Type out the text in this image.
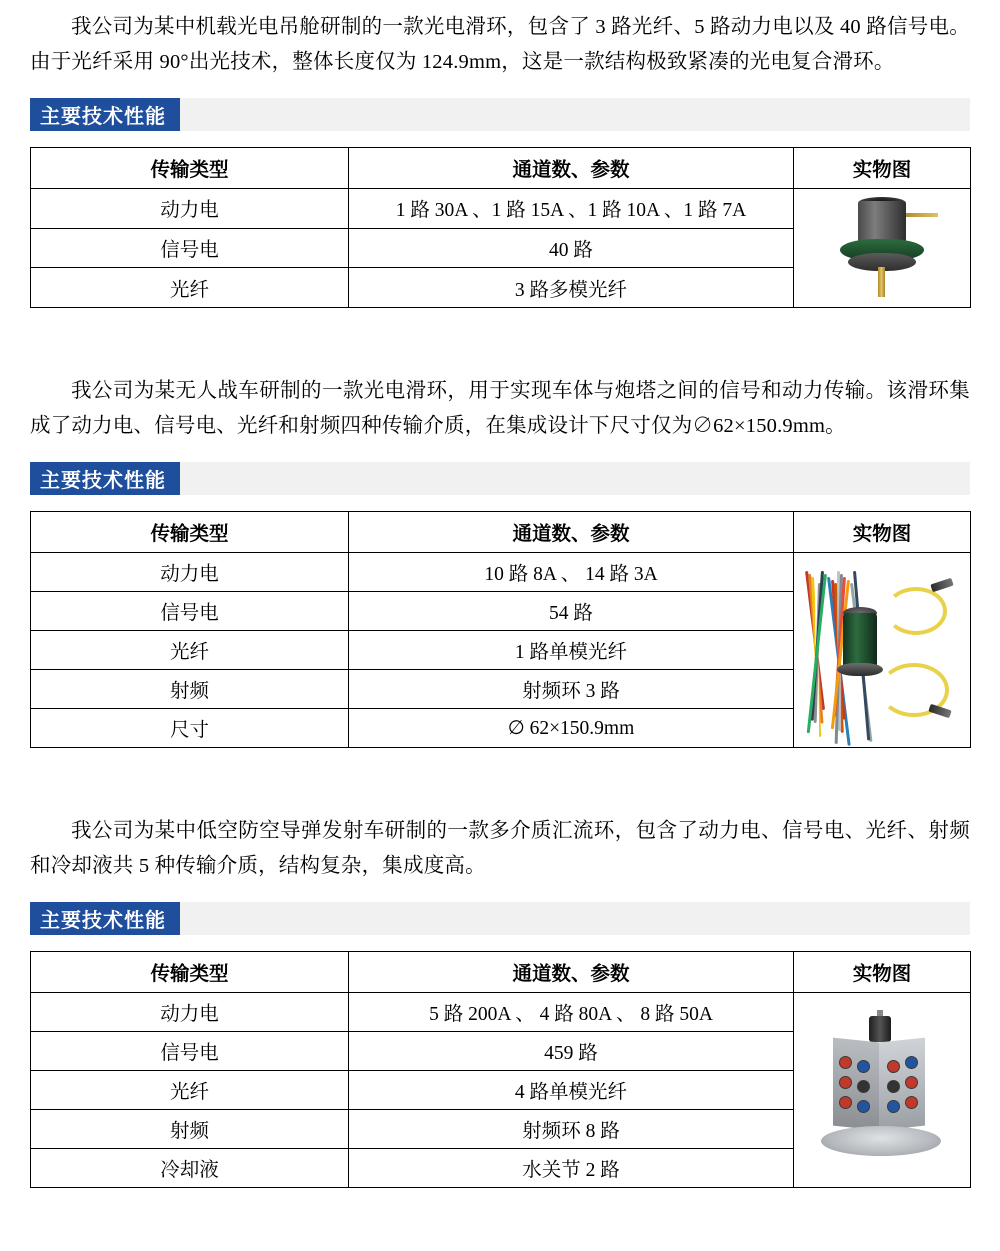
我公司为某中机载光电吊舱研制的一款光电滑环，包含了 3 路光纤、5 路动力电以及 40 路信号电。由于光纤采用 90°出光技术，整体长度仅为 124.9mm，这是一款结构极致紧凑的光电复合滑环。

主要技术性能
传输类型	通道数、参数	实物图
动力电	1 路 30A 、1 路 15A 、1 路 10A 、1 路 7A	

信号电	40 路	
光纤	3 路多模光纤	

我公司为某无人战车研制的一款光电滑环，用于实现车体与炮塔之间的信号和动力传输。该滑环集成了动力电、信号电、光纤和射频四种传输介质，在集成设计下尺寸仅为∅62×150.9mm。

主要技术性能
传输类型	通道数、参数	实物图
动力电	10 路 8A 、 14 路 3A	

信号电	54 路	
光纤	1 路单模光纤	
射频	射频环 3 路	
尺寸	∅ 62×150.9mm	

我公司为某中低空防空导弹发射车研制的一款多介质汇流环，包含了动力电、信号电、光纤、射频和冷却液共 5 种传输介质，结构复杂，集成度高。

主要技术性能
传输类型	通道数、参数	实物图
动力电	5 路 200A 、 4 路 80A 、 8 路 50A	

信号电	459 路	
光纤	4 路单模光纤	
射频	射频环 8 路	
冷却液	水关节 2 路	
